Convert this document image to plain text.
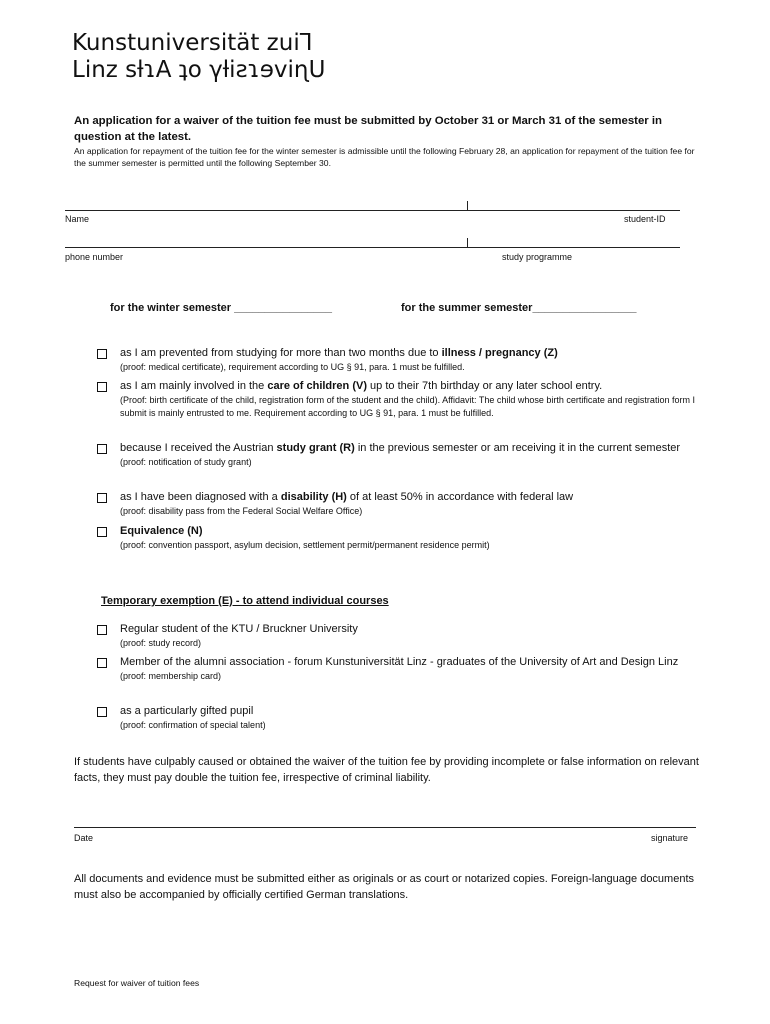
Kunstuniversität zuiꓶ
Linz sƚɿA ʇo γƚiƨɿɘviɳU
An application for a waiver of the tuition fee must be submitted by October 31 or March 31 of the semester in question at the latest.
An application for repayment of the tuition fee for the winter semester is admissible until the following February 28, an application for repayment of the tuition fee for the summer semester is permitted until the following September 30.
Name	student-ID
phone number	study programme
for the winter semester ________________	for the summer semester_________________
as I am prevented from studying for more than two months due to illness / pregnancy (Z)
(proof: medical certificate), requirement according to UG § 91, para. 1 must be fulfilled.
as I am mainly involved in the care of children (V) up to their 7th birthday or any later school entry.
(Proof: birth certificate of the child, registration form of the student and the child). Affidavit: The child whose birth certificate and registration form I submit is mainly entrusted to me. Requirement according to UG § 91, para. 1 must be fulfilled.
because I received the Austrian study grant (R) in the previous semester or am receiving it in the current semester
(proof: notification of study grant)
as I have been diagnosed with a disability (H) of at least 50% in accordance with federal law
(proof: disability pass from the Federal Social Welfare Office)
Equivalence (N)
(proof: convention passport, asylum decision, settlement permit/permanent residence permit)
Temporary exemption (E) - to attend individual courses
Regular student of the KTU / Bruckner University
(proof: study record)
Member of the alumni association - forum Kunstuniversität Linz - graduates of the University of Art and Design Linz
(proof: membership card)
as a particularly gifted pupil
(proof: confirmation of special talent)
If students have culpably caused or obtained the waiver of the tuition fee by providing incomplete or false information on relevant facts, they must pay double the tuition fee, irrespective of criminal liability.
Date	signature
All documents and evidence must be submitted either as originals or as court or notarized copies. Foreign-language documents must also be accompanied by officially certified German translations.
Request for waiver of tuition fees
